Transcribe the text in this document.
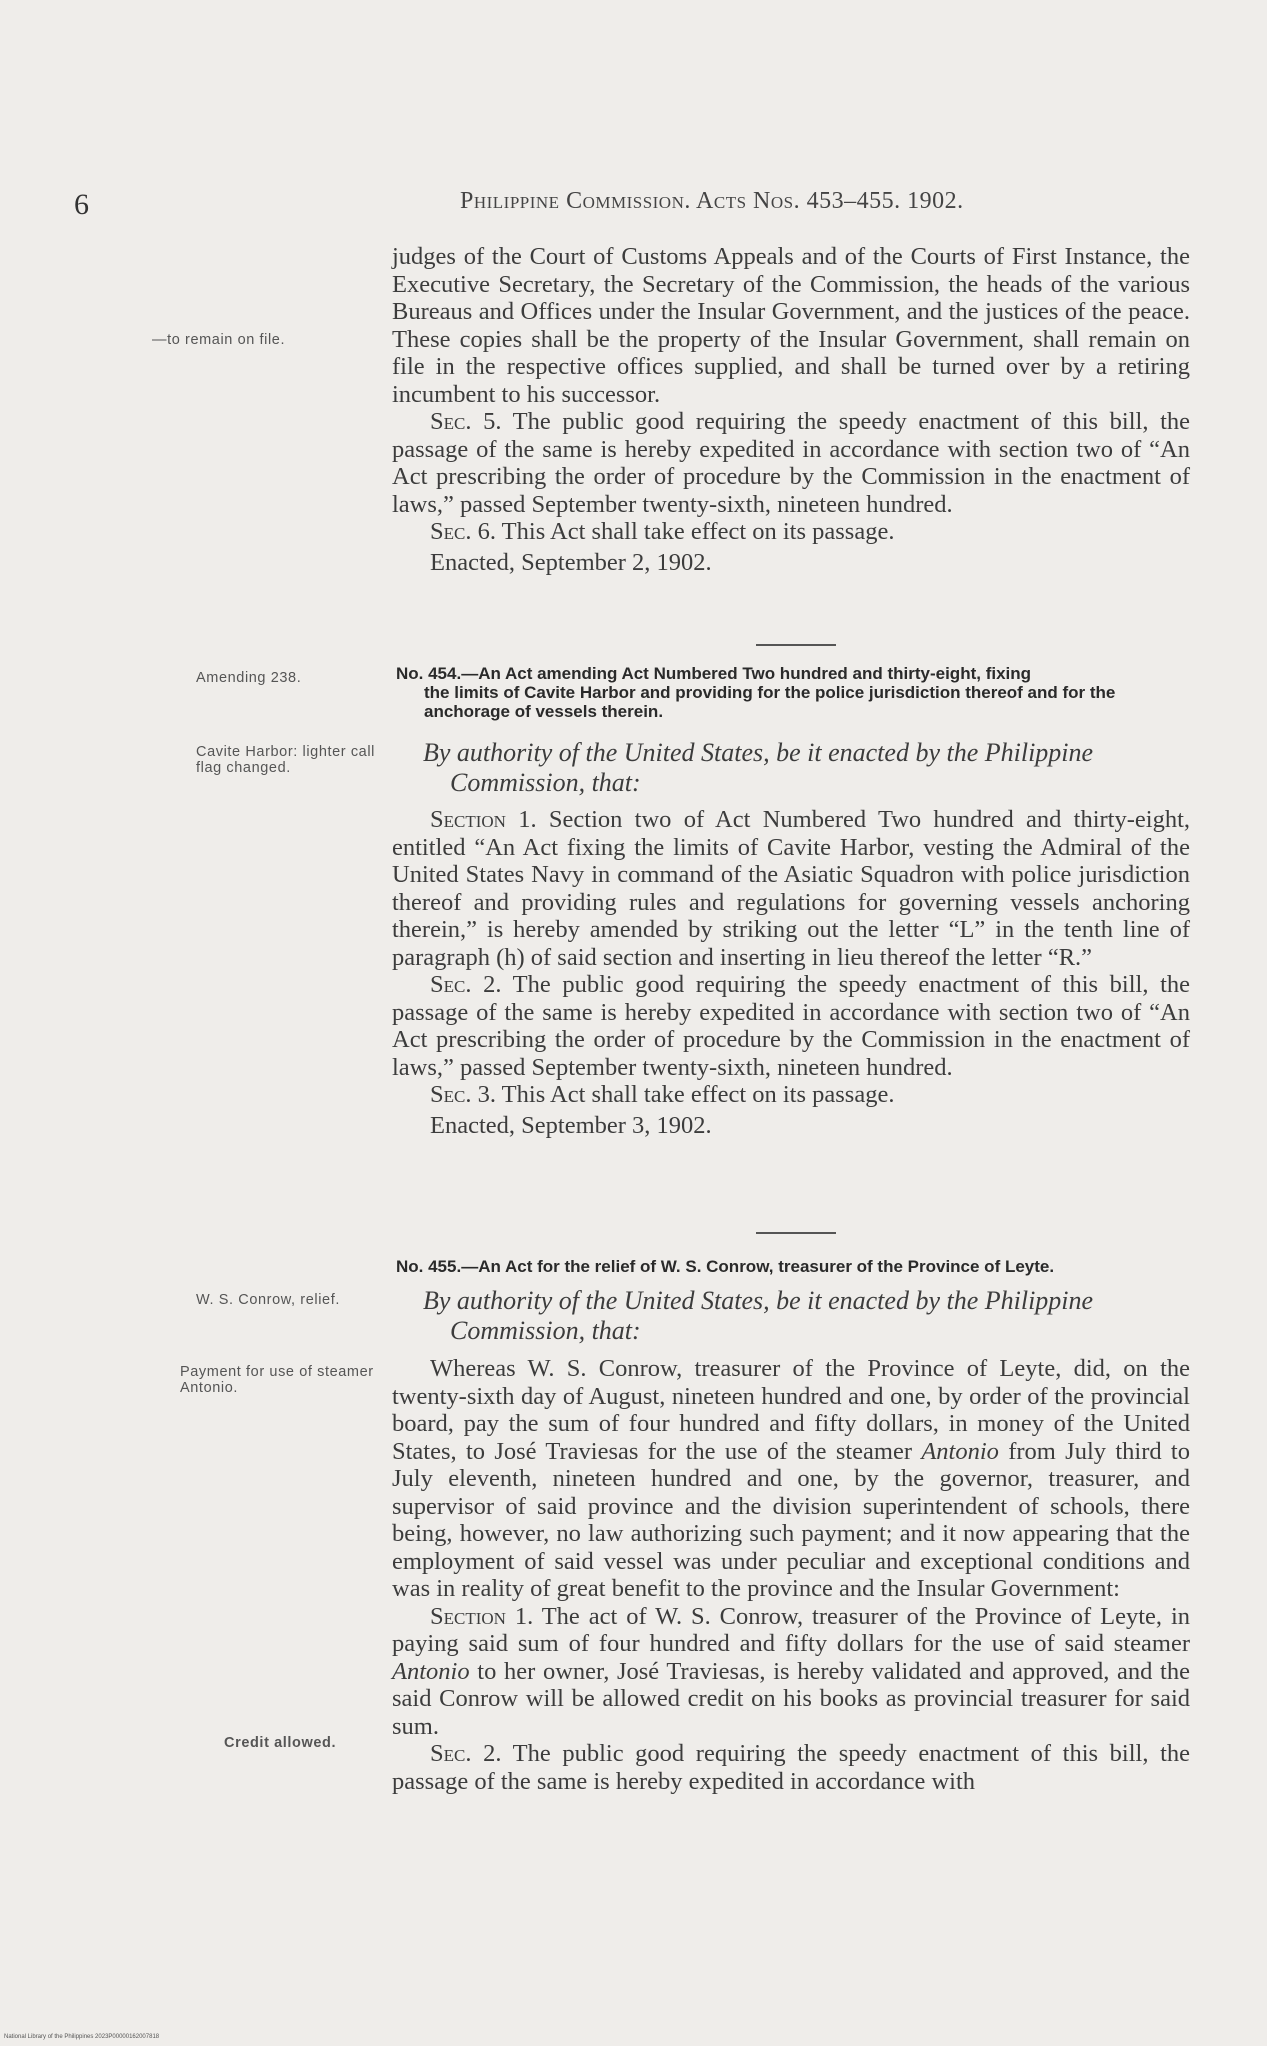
6	Philippine Commission. Acts Nos. 453–455. 1902.

judges of the Court of Customs Appeals and of the Courts of First Instance, the Executive Secretary, the Secretary of the Commission, the heads of the various Bureaus and Offices under the Insular Government, and the justices of the peace. These copies shall be the property of the Insular Government, shall remain on file in the respective offices supplied, and shall be turned over by a retiring incumbent to his successor.

Sec. 5. The public good requiring the speedy enactment of this bill, the passage of the same is hereby expedited in accordance with section two of “An Act prescribing the order of procedure by the Commission in the enactment of laws,” passed September twenty-sixth, nineteen hundred.

Sec. 6. This Act shall take effect on its passage.

Enacted, September 2, 1902.

—to remain on file.
Amending 238.	No. 454.—An Act amending Act Numbered Two hundred and thirty-eight, fixing
the limits of Cavite Harbor and providing for the police jurisdiction thereof and for the anchorage of vessels therein.
Cavite Harbor: lighter call flag changed.
By authority of the United States, be it enacted by the Philippine
Commission, that:

Section 1. Section two of Act Numbered Two hundred and thirty-eight, entitled “An Act fixing the limits of Cavite Harbor, vesting the Admiral of the United States Navy in command of the Asiatic Squadron with police jurisdiction thereof and providing rules and regulations for governing vessels anchoring therein,” is hereby amended by striking out the letter “L” in the tenth line of paragraph (h) of said section and inserting in lieu thereof the letter “R.”

Sec. 2. The public good requiring the speedy enactment of this bill, the passage of the same is hereby expedited in accordance with section two of “An Act prescribing the order of procedure by the Commission in the enactment of laws,” passed September twenty-sixth, nineteen hundred.

Sec. 3. This Act shall take effect on its passage.

Enacted, September 3, 1902.

No. 455.—An Act for the relief of W. S. Conrow, treasurer of the Province of Leyte.
W. S. Conrow, relief.	By authority of the United States, be it enacted by the Philippine
Commission, that:
Payment for use of steamer Antonio.

Whereas W. S. Conrow, treasurer of the Province of Leyte, did, on the twenty-sixth day of August, nineteen hundred and one, by order of the provincial board, pay the sum of four hundred and fifty dollars, in money of the United States, to José Traviesas for the use of the steamer Antonio from July third to July eleventh, nineteen hundred and one, by the governor, treasurer, and supervisor of said province and the division superintendent of schools, there being, however, no law authorizing such payment; and it now appearing that the employment of said vessel was under peculiar and exceptional conditions and was in reality of great benefit to the province and the Insular Government:

Section 1. The act of W. S. Conrow, treasurer of the Province of Leyte, in paying said sum of four hundred and fifty dollars for the use of said steamer Antonio to her owner, José Traviesas, is hereby validated and approved, and the said Conrow will be allowed credit on his books as provincial treasurer for said sum.

Sec. 2. The public good requiring the speedy enactment of this bill, the passage of the same is hereby expedited in accordance with

Credit allowed.
National Library of the Philippines 2023P00000162007818
